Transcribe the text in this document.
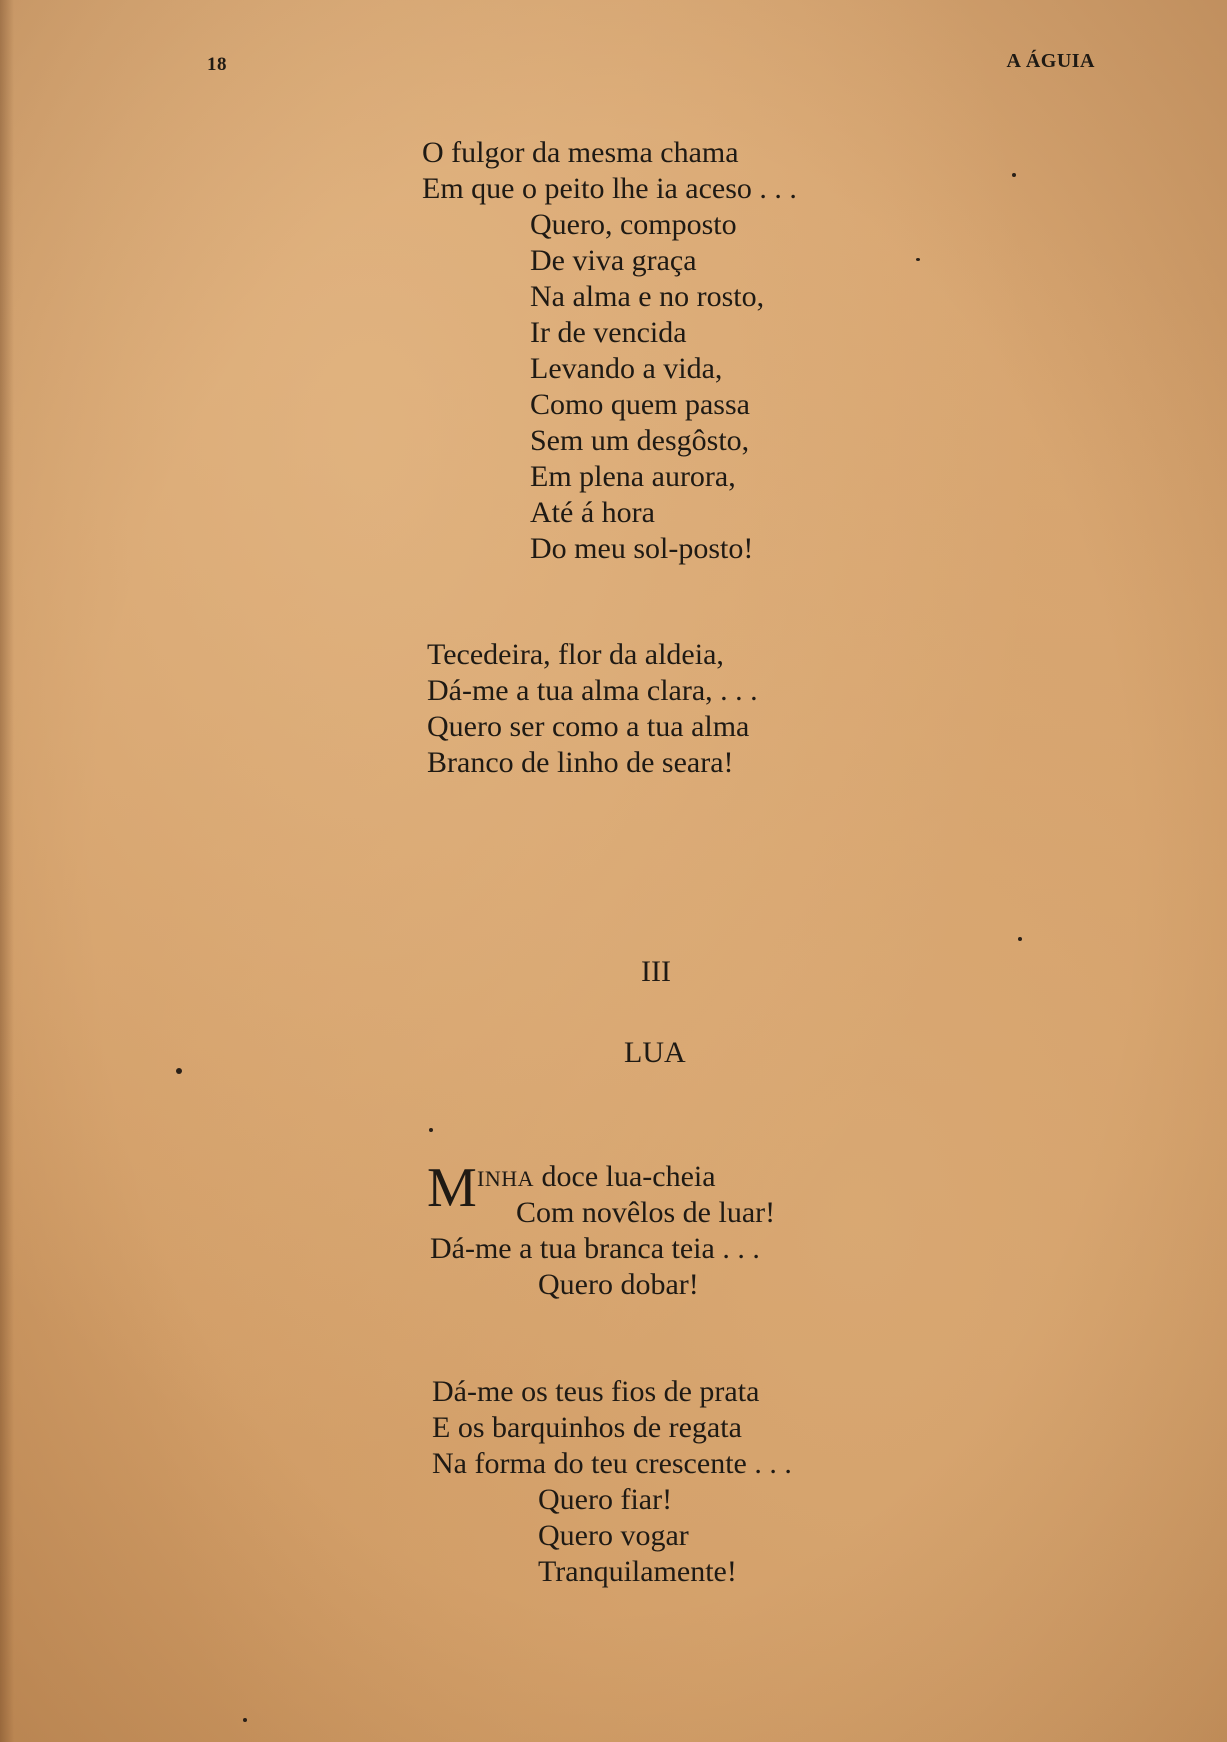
18	A ÁGUIA
O fulgor da mesma chama
Em que o peito lhe ia aceso . . .
Quero, composto
De viva graça
Na alma e no rosto,
Ir de vencida
Levando a vida,
Como quem passa
Sem um desgôsto,
Em plena aurora,
Até á hora
Do meu sol-posto!
Tecedeira, flor da aldeia,
Dá-me a tua alma clara, . . .
Quero ser como a tua alma
Branco de linho de seara!
III
LUA
M INHA doce lua-cheia
Com novêlos de luar!
Dá-me a tua branca teia . . .
Quero dobar!
Dá-me os teus fios de prata
E os barquinhos de regata
Na forma do teu crescente . . .
Quero fiar!
Quero vogar
Tranquilamente!
